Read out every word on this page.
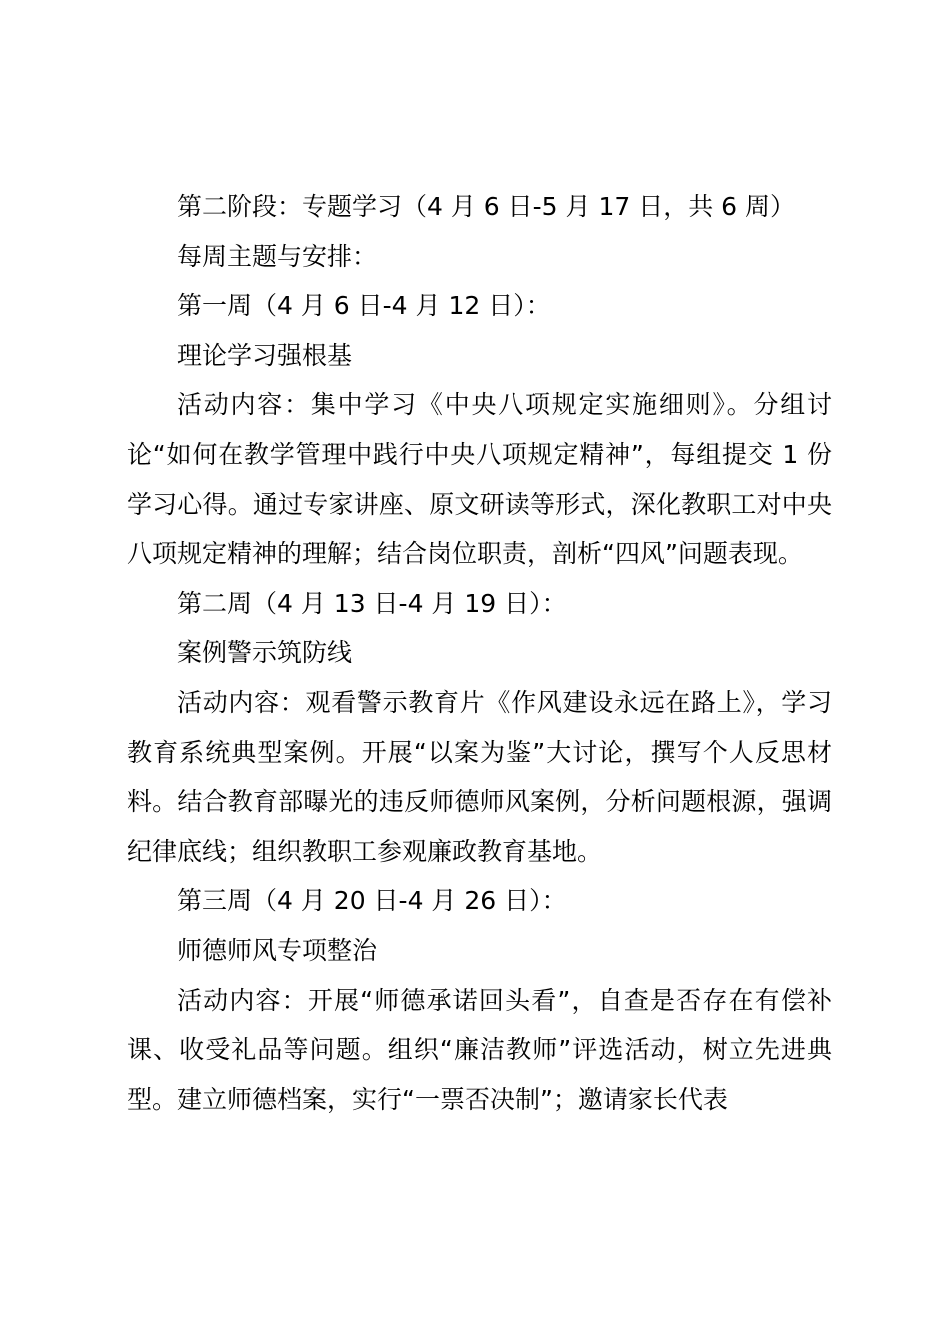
第二阶段：专题学习（4 月 6 日-5 月 17 日，共 6 周）

每周主题与安排：

第一周（4 月 6 日-4 月 12 日）：

理论学习强根基

活动内容：集中学习《中央八项规定实施细则》。分组讨论“如何在教学管理中践行中央八项规定精神”，每组提交 1 份学习心得。通过专家讲座、原文研读等形式，深化教职工对中央八项规定精神的理解；结合岗位职责，剖析“四风”问题表现。

第二周（4 月 13 日-4 月 19 日）：

案例警示筑防线

活动内容：观看警示教育片《作风建设永远在路上》，学习教育系统典型案例。开展“以案为鉴”大讨论，撰写个人反思材料。结合教育部曝光的违反师德师风案例，分析问题根源，强调纪律底线；组织教职工参观廉政教育基地。

第三周（4 月 20 日-4 月 26 日）：

师德师风专项整治

活动内容：开展“师德承诺回头看”，自查是否存在有偿补课、收受礼品等问题。组织“廉洁教师”评选活动，树立先进典型。建立师德档案，实行“一票否决制”；邀请家长代表
